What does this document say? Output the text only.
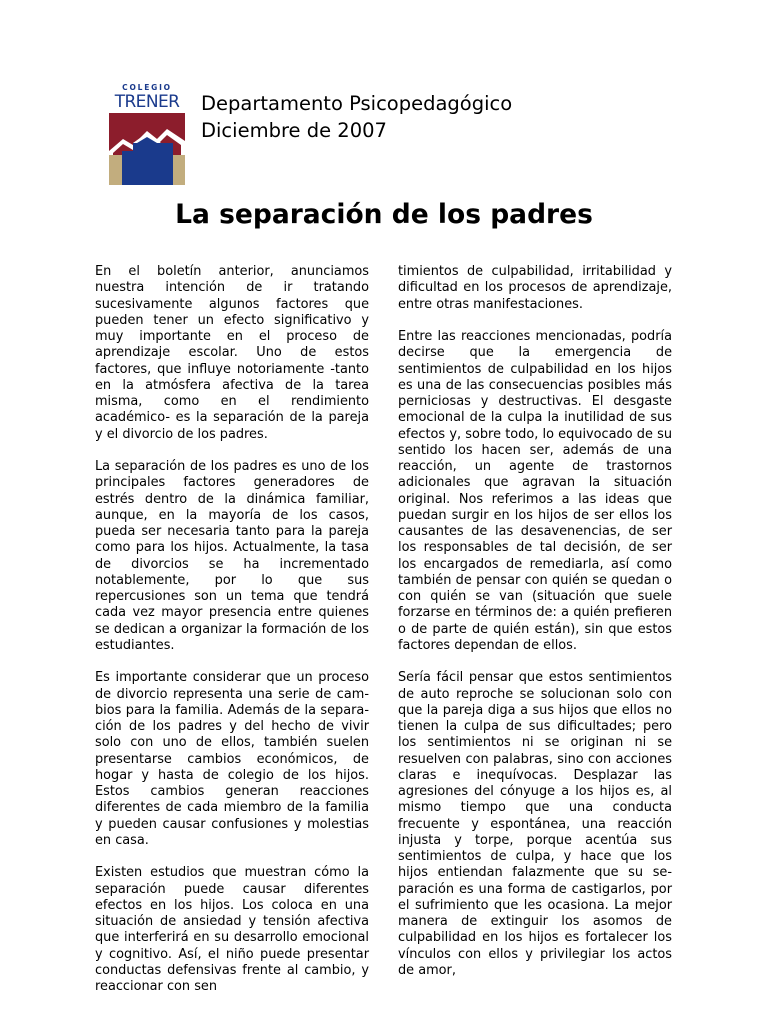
COLEGIO
TRENER	Departamento Psicopedagógico
Diciembre de 2007
La separación de los padres

En el boletín anterior, anunciamos nuestra intención de ir tratando sucesivamente algunos factores que pueden tener un efecto significativo y muy importante en el proceso de aprendizaje escolar. Uno de estos factores, que influye notoriamente -tanto en la atmósfera afectiva de la tarea misma, como en el rendimiento académico- es la separación de la pareja y el divorcio de los padres.

La separación de los padres es uno de los principales factores generadores de estrés dentro de la dinámica familiar, aunque, en la mayoría de los casos, pueda ser necesaria tanto para la pareja como para los hijos. Actualmente, la tasa de divorcios se ha incrementado notablemente, por lo que sus repercusiones son un tema que tendrá cada vez mayor presencia entre quienes se dedican a organizar la formación de los estudiantes.

Es importante considerar que un proceso de divorcio representa una serie de cambios para la familia. Además de la separación de los padres y del hecho de vivir solo con uno de ellos, también suelen presentarse cambios económicos, de hogar y hasta de colegio de los hijos. Estos cambios generan reacciones diferentes de cada miembro de la familia y pueden causar confusiones y molestias en casa.

Existen estudios que muestran cómo la separación puede causar diferentes efectos en los hijos. Los coloca en una situación de ansiedad y tensión afectiva que interferirá en su desarrollo emocional y cognitivo. Así, el niño puede presentar conductas defensivas frente al cambio, y reaccionar con sen

timientos de culpabilidad, irritabilidad y dificultad en los procesos de aprendizaje, entre otras manifestaciones.

Entre las reacciones mencionadas, podría decirse que la emergencia de sentimientos de culpabilidad en los hijos es una de las consecuencias posibles más perniciosas y destructivas. El desgaste emocional de la culpa la inutilidad de sus efectos y, sobre todo, lo equivocado de su sentido los hacen ser, además de una reacción, un agente de trastornos adicionales que agravan la situación original. Nos referimos a las ideas que puedan surgir en los hijos de ser ellos los causantes de las desavenencias, de ser los responsables de tal decisión, de ser los encargados de remediarla, así como también de pensar con quién se quedan o con quién se van (situación que suele forzarse en términos de: a quién prefieren o de parte de quién están), sin que estos factores dependan de ellos.

Sería fácil pensar que estos sentimientos de auto reproche se solucionan solo con que la pareja diga a sus hijos que ellos no tienen la culpa de sus dificultades; pero los sentimientos ni se originan ni se resuelven con palabras, sino con acciones claras e inequívocas. Desplazar las agresiones del cónyuge a los hijos es, al mismo tiempo que una conducta frecuente y espontánea, una reacción injusta y torpe, porque acentúa sus sentimientos de culpa, y hace que los hijos entiendan falazmente que su separación es una forma de castigarlos, por el sufrimiento que les ocasiona. La mejor manera de extinguir los asomos de culpabilidad en los hijos es fortalecer los vínculos con ellos y privilegiar los actos de amor,
